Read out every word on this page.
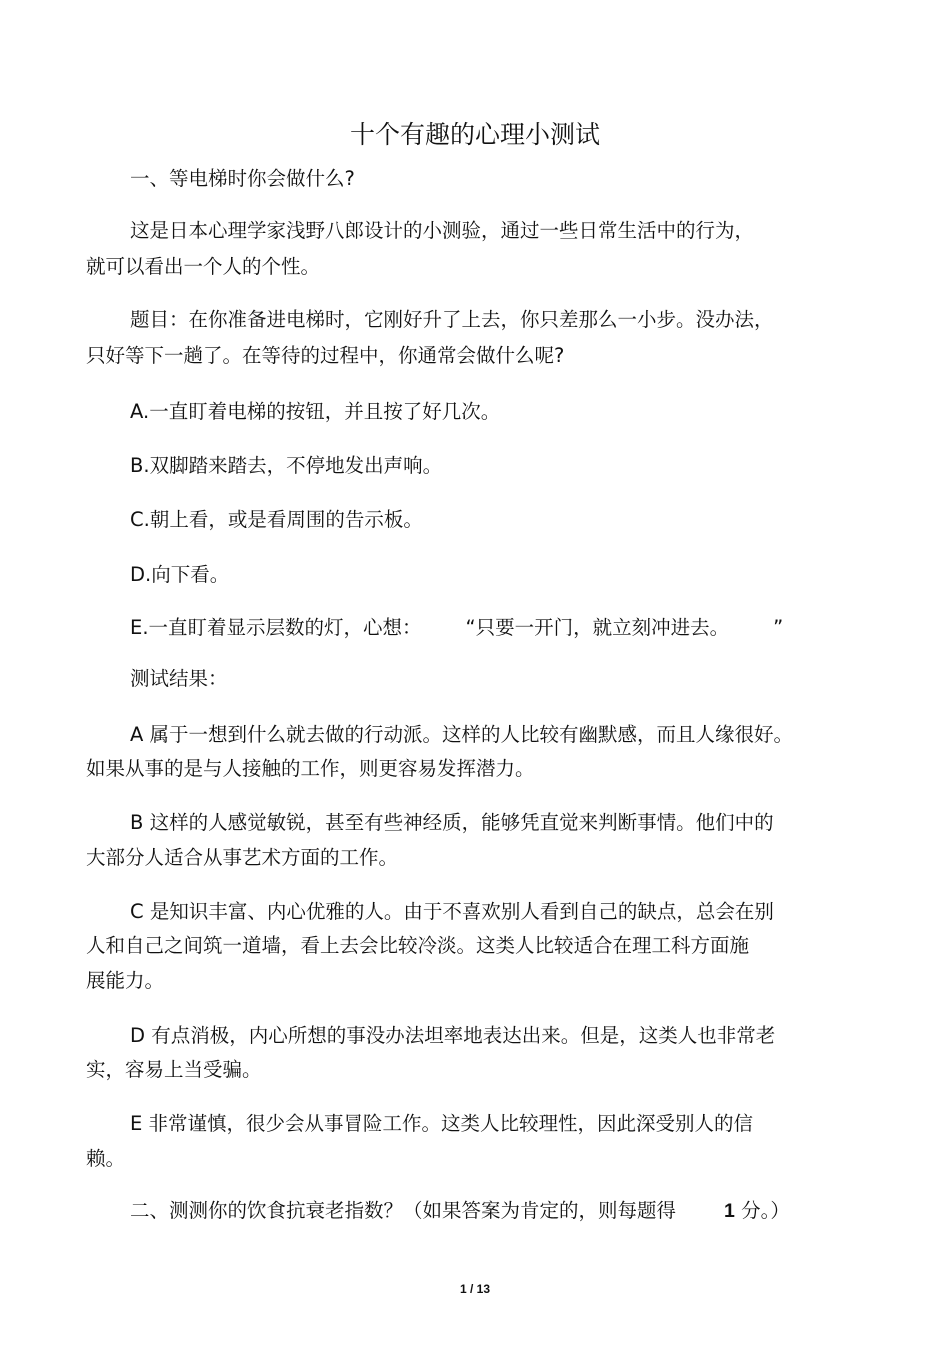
十个有趣的心理小测试
一、等电梯时你会做什么?
这是日本心理学家浅野八郎设计的小测验，通过一些日常生活中的行为，
就可以看出一个人的个性。
题目：在你准备进电梯时，它刚好升了上去，你只差那么一小步。没办法，
只好等下一趟了。在等待的过程中，你通常会做什么呢?
A.一直盯着电梯的按钮，并且按了好几次。
B.双脚踏来踏去，不停地发出声响。
C.朝上看，或是看周围的告示板。
D.向下看。
E.一直盯着显示层数的灯，心想： “只要一开门，就立刻冲进去。 ”
测试结果：
A 属于一想到什么就去做的行动派。这样的人比较有幽默感，而且人缘很好。
如果从事的是与人接触的工作，则更容易发挥潜力。
B 这样的人感觉敏锐，甚至有些神经质，能够凭直觉来判断事情。他们中的
大部分人适合从事艺术方面的工作。
C 是知识丰富、内心优雅的人。由于不喜欢别人看到自己的缺点，总会在别
人和自己之间筑一道墙，看上去会比较冷淡。这类人比较适合在理工科方面施
展能力。
D 有点消极，内心所想的事没办法坦率地表达出来。但是，这类人也非常老
实，容易上当受骗。
E 非常谨慎，很少会从事冒险工作。这类人比较理性，因此深受别人的信
赖。
二、测测你的饮食抗衰老指数？（如果答案为肯定的，则每题得 1 分。）
1 / 13
